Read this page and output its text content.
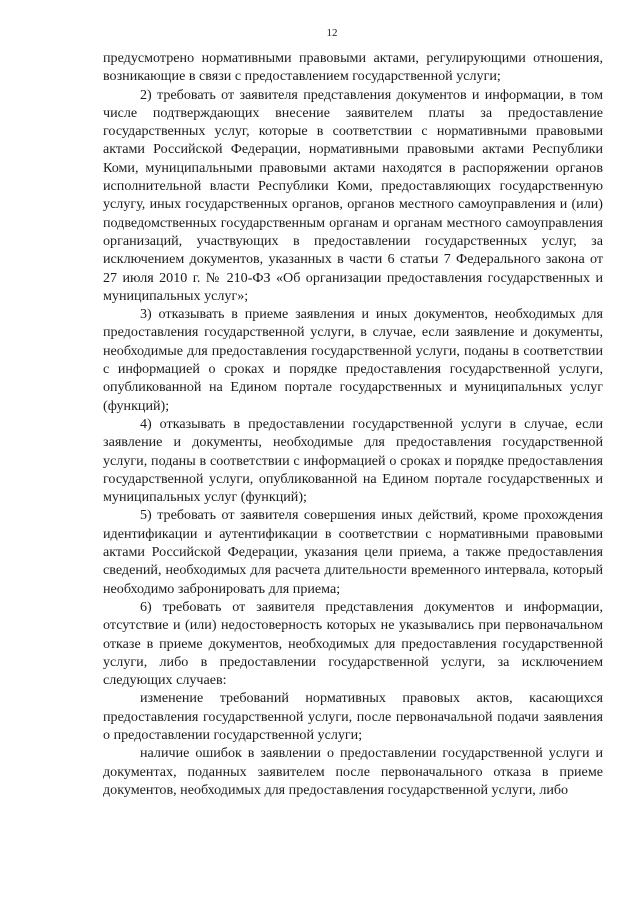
12

предусмотрено нормативными правовыми актами, регулирующими отношения, возникающие в связи с предоставлением государственной услуги;

2) требовать от заявителя представления документов и информации, в том числе подтверждающих внесение заявителем платы за предоставление государственных услуг, которые в соответствии с нормативными правовыми актами Российской Федерации, нормативными правовыми актами Республики Коми, муниципальными правовыми актами находятся в распоряжении органов исполнительной власти Республики Коми, предоставляющих государственную услугу, иных государственных органов, органов местного самоуправления и (или) подведомственных государственным органам и органам местного самоуправления организаций, участвующих в предоставлении государственных услуг, за исключением документов, указанных в части 6 статьи 7 Федерального закона от 27 июля 2010 г. № 210-ФЗ «Об организации предоставления государственных и муниципальных услуг»;

3) отказывать в приеме заявления и иных документов, необходимых для предоставления государственной услуги, в случае, если заявление и документы, необходимые для предоставления государственной услуги, поданы в соответствии с информацией о сроках и порядке предоставления государственной услуги, опубликованной на Едином портале государственных и муниципальных услуг (функций);

4) отказывать в предоставлении государственной услуги в случае, если заявление и документы, необходимые для предоставления государственной услуги, поданы в соответствии с информацией о сроках и порядке предоставления государственной услуги, опубликованной на Едином портале государственных и муниципальных услуг (функций);

5) требовать от заявителя совершения иных действий, кроме прохождения идентификации и аутентификации в соответствии с нормативными правовыми актами Российской Федерации, указания цели приема, а также предоставления сведений, необходимых для расчета длительности временного интервала, который необходимо забронировать для приема;

6) требовать от заявителя представления документов и информации, отсутствие и (или) недостоверность которых не указывались при первоначальном отказе в приеме документов, необходимых для предоставления государственной услуги, либо в предоставлении государственной услуги, за исключением следующих случаев:

изменение требований нормативных правовых актов, касающихся предоставления государственной услуги, после первоначальной подачи заявления о предоставлении государственной услуги;

наличие ошибок в заявлении о предоставлении государственной услуги и документах, поданных заявителем после первоначального отказа в приеме документов, необходимых для предоставления государственной услуги, либо
